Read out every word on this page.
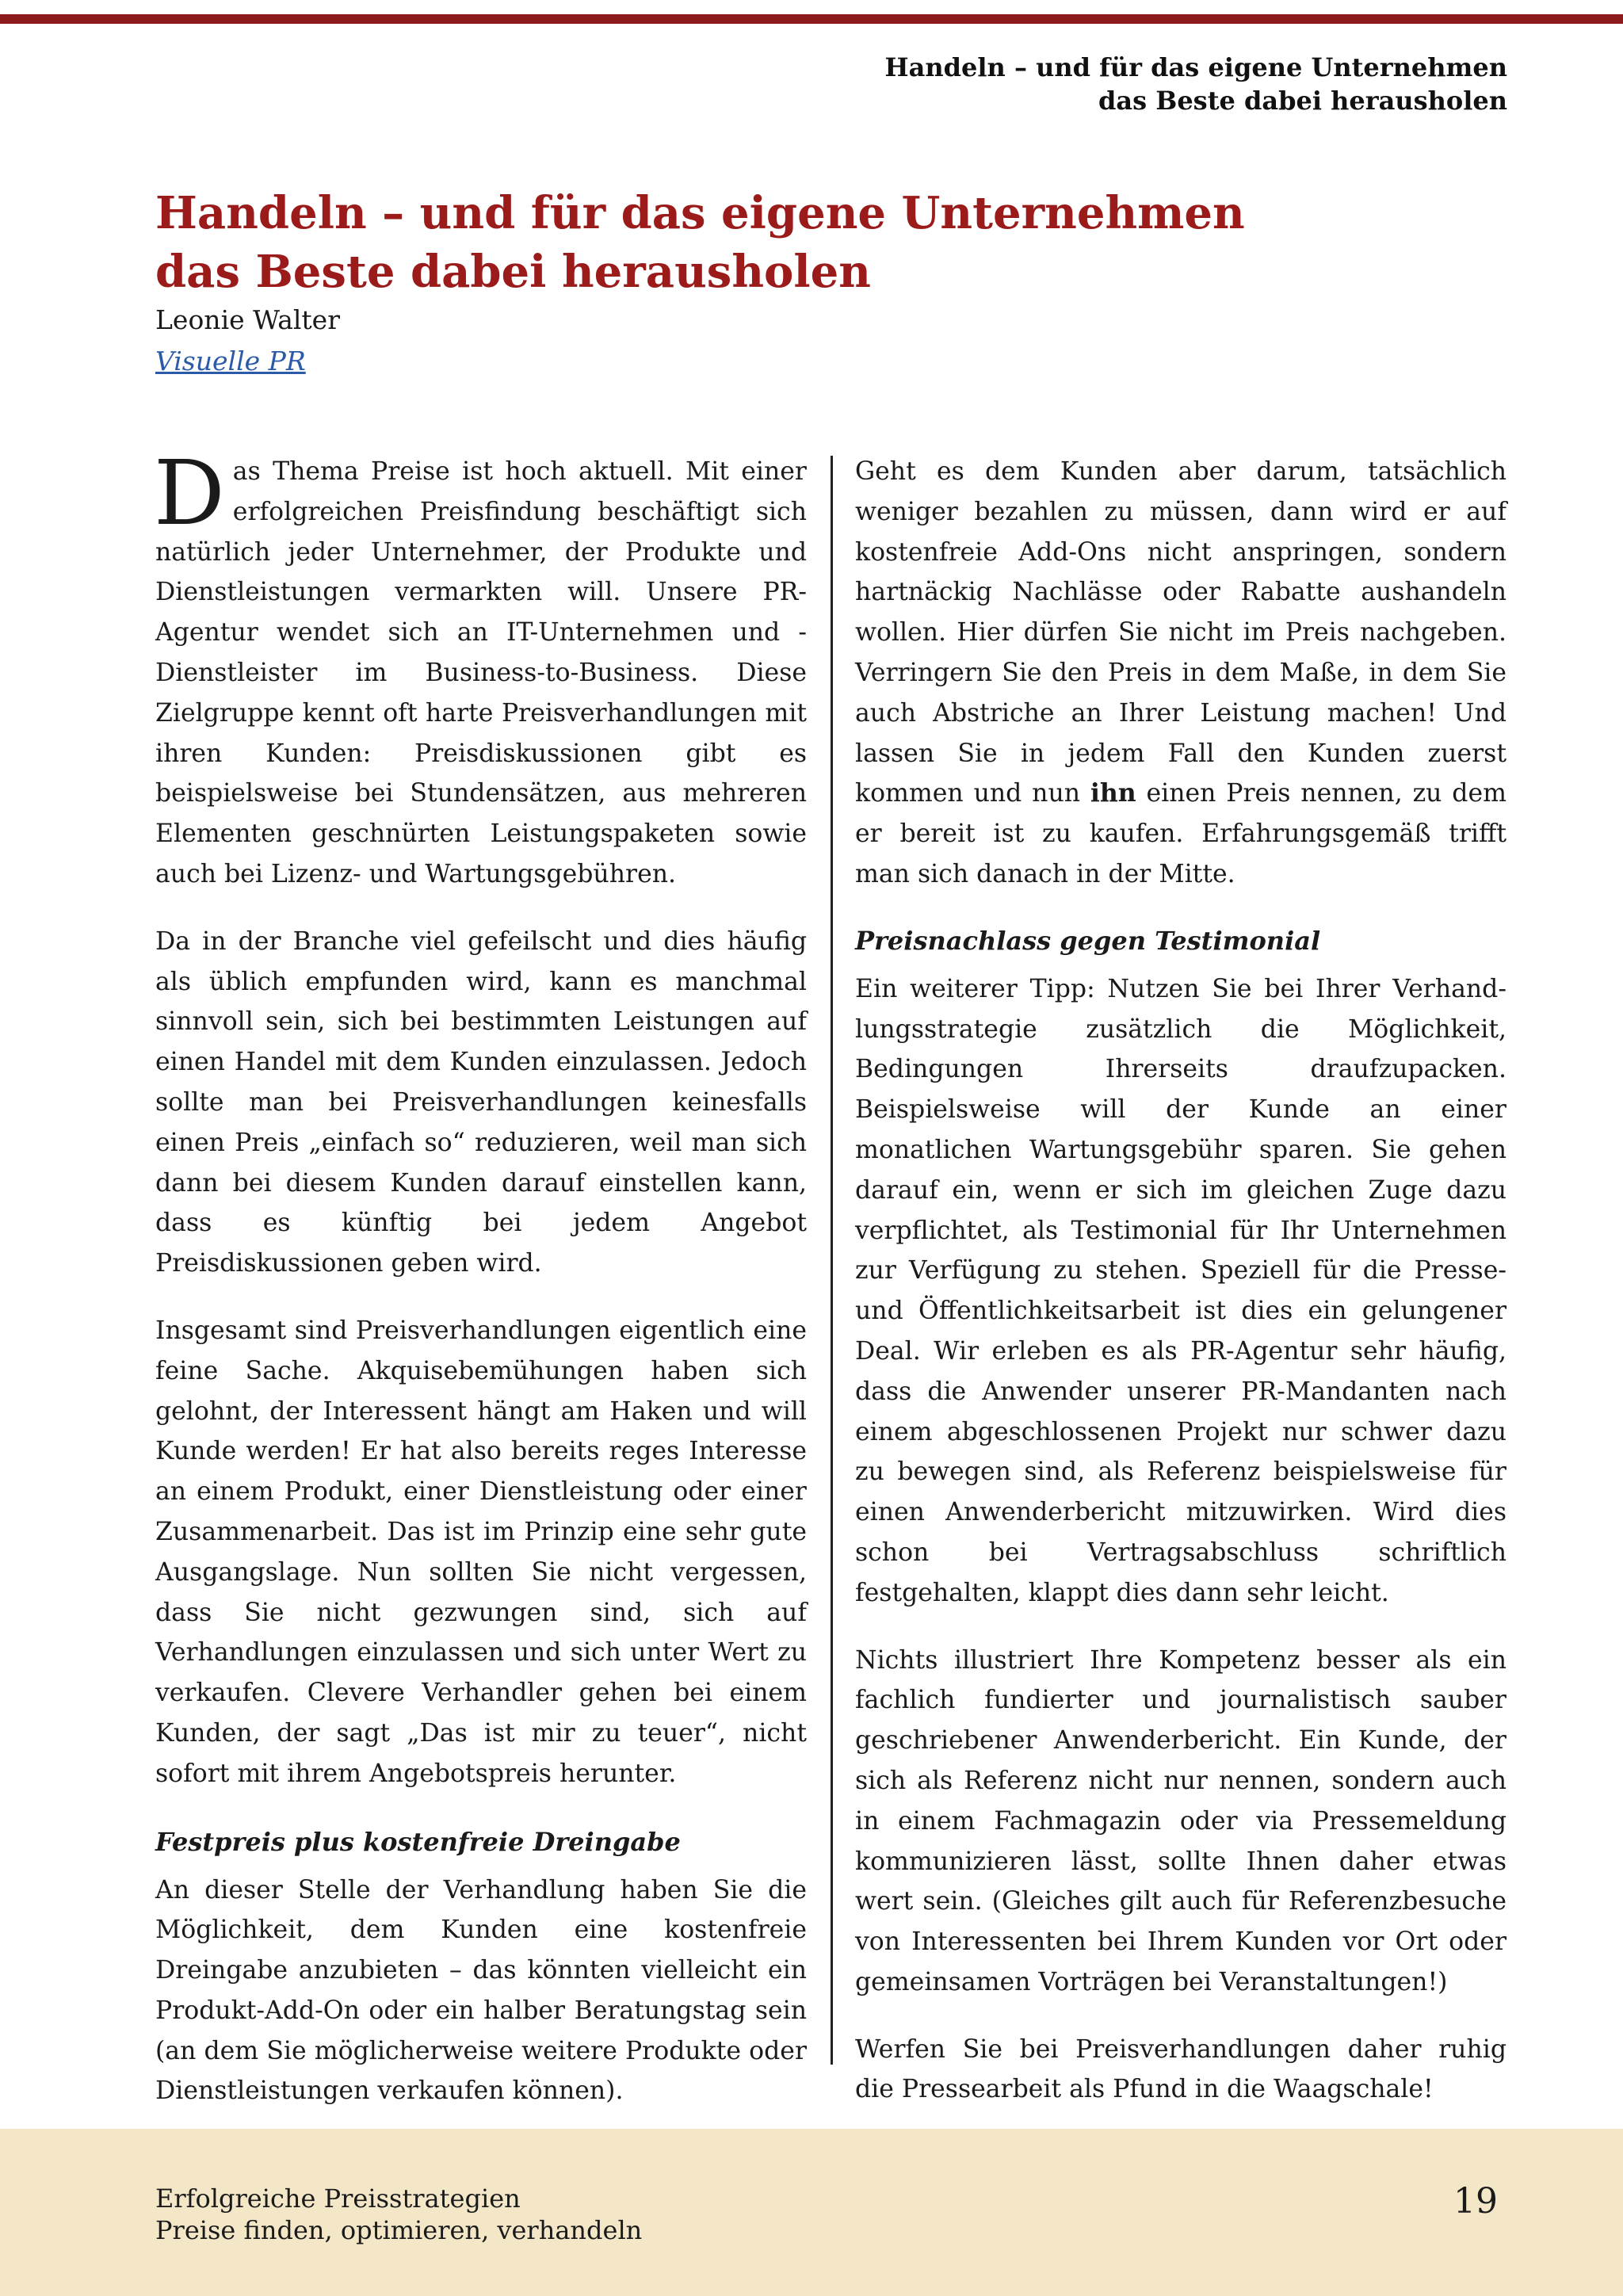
Handeln – und für das eigene Unternehmen
das Beste dabei herausholen
Handeln – und für das eigene Unternehmen
das Beste dabei herausholen
Leonie Walter
Visuelle PR

Das Thema Preise ist hoch aktuell. Mit einer erfolgreichen Preisfindung beschäftigt sich natürlich jeder Unternehmer, der Produkte und Dienstleistungen vermarkten will. Unsere PR-Agentur wendet sich an IT-Unternehmen und -Dienstleister im Business-to-Business. Diese Zielgruppe kennt oft harte Preisverhandlungen mit ihren Kunden: Preisdiskussionen gibt es beispielsweise bei Stundensätzen, aus mehreren Elementen geschnürten Leistungspaketen sowie auch bei Lizenz- und Wartungsgebühren.

Da in der Branche viel gefeilscht und dies häufig als üblich empfunden wird, kann es manchmal sinnvoll sein, sich bei bestimmten Leistungen auf einen Handel mit dem Kunden einzulassen. Jedoch sollte man bei Preisverhandlungen keinesfalls einen Preis „einfach so“ reduzieren, weil man sich dann bei diesem Kunden darauf einstellen kann, dass es künftig bei jedem Angebot Preisdiskussionen geben wird.

Insgesamt sind Preisverhandlungen eigentlich eine feine Sache. Akquisebemühungen haben sich gelohnt, der Interessent hängt am Haken und will Kunde werden! Er hat also bereits reges Interesse an einem Produkt, einer Dienstleistung oder einer Zusammenarbeit. Das ist im Prinzip eine sehr gute Ausgangslage. Nun sollten Sie nicht vergessen, dass Sie nicht gezwungen sind, sich auf Verhandlungen einzulassen und sich unter Wert zu verkaufen. Clevere Verhandler gehen bei einem Kunden, der sagt „Das ist mir zu teuer“, nicht sofort mit ihrem Angebotspreis herunter.

Festpreis plus kostenfreie Dreingabe

An dieser Stelle der Verhandlung haben Sie die Möglichkeit, dem Kunden eine kostenfreie Dreingabe anzubieten – das könnten vielleicht ein Produkt-Add-On oder ein halber Beratungstag sein (an dem Sie möglicherweise weitere Produkte oder Dienstleistungen verkaufen können).

Geht es dem Kunden aber darum, tatsächlich weniger bezahlen zu müssen, dann wird er auf kostenfreie Add-Ons nicht anspringen, sondern hartnäckig Nachlässe oder Rabatte aushandeln wollen. Hier dürfen Sie nicht im Preis nachgeben. Verringern Sie den Preis in dem Maße, in dem Sie auch Abstriche an Ihrer Leistung machen! Und lassen Sie in jedem Fall den Kunden zuerst kommen und nun ihn einen Preis nennen, zu dem er bereit ist zu kaufen. Erfahrungsgemäß trifft man sich danach in der Mitte.

Preisnachlass gegen Testimonial

Ein weiterer Tipp: Nutzen Sie bei Ihrer Verhandlungsstrategie zusätzlich die Möglichkeit, Bedingungen Ihrerseits draufzupacken. Beispielsweise will der Kunde an einer monatlichen Wartungsgebühr sparen. Sie gehen darauf ein, wenn er sich im gleichen Zuge dazu verpflichtet, als Testimonial für Ihr Unternehmen zur Verfügung zu stehen. Speziell für die Presse- und Öffentlichkeitsarbeit ist dies ein gelungener Deal. Wir erleben es als PR-Agentur sehr häufig, dass die Anwender unserer PR-Mandanten nach einem abgeschlossenen Projekt nur schwer dazu zu bewegen sind, als Referenz beispielsweise für einen Anwenderbericht mitzuwirken. Wird dies schon bei Vertragsabschluss schriftlich festgehalten, klappt dies dann sehr leicht.

Nichts illustriert Ihre Kompetenz besser als ein fachlich fundierter und journalistisch sauber geschriebener Anwenderbericht. Ein Kunde, der sich als Referenz nicht nur nennen, sondern auch in einem Fachmagazin oder via Pressemeldung kommunizieren lässt, sollte Ihnen daher etwas wert sein. (Gleiches gilt auch für Referenzbesuche von Interessenten bei Ihrem Kunden vor Ort oder gemeinsamen Vorträgen bei Veranstaltungen!)

Werfen Sie bei Preisverhandlungen daher ruhig die Pressearbeit als Pfund in die Waagschale!

Erfolgreiche Preisstrategien
Preise finden, optimieren, verhandeln
19
